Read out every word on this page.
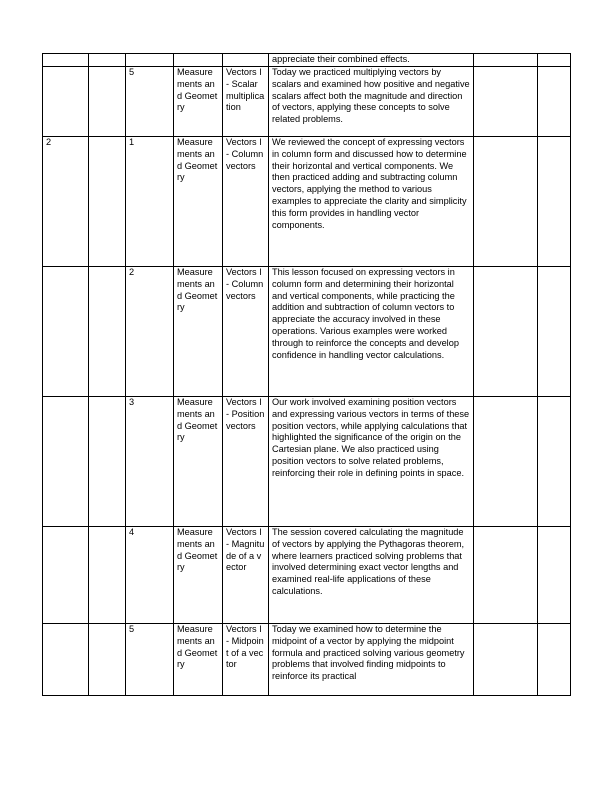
					appreciate their combined effects.		
		5	Measurements and Geometry	Vectors I - Scalar multiplication	Today we practiced multiplying vectors by scalars and examined how positive and negative scalars affect both the magnitude and direction of vectors, applying these concepts to solve related problems.		
2		1	Measurements and Geometry	Vectors I - Column vectors	We reviewed the concept of expressing vectors in column form and discussed how to determine their horizontal and vertical components. We then practiced adding and subtracting column vectors, applying the method to various examples to appreciate the clarity and simplicity this form provides in handling vector components.		
		2	Measurements and Geometry	Vectors I - Column vectors	This lesson focused on expressing vectors in column form and determining their horizontal and vertical components, while practicing the addition and subtraction of column vectors to appreciate the accuracy involved in these operations. Various examples were worked through to reinforce the concepts and develop confidence in handling vector calculations.		
		3	Measurements and Geometry	Vectors I - Position vectors	Our work involved examining position vectors and expressing various vectors in terms of these position vectors, while applying calculations that highlighted the significance of the origin on the Cartesian plane. We also practiced using position vectors to solve related problems, reinforcing their role in defining points in space.		
		4	Measurements and Geometry	Vectors I - Magnitude of a vector	The session covered calculating the magnitude of vectors by applying the Pythagoras theorem, where learners practiced solving problems that involved determining exact vector lengths and examined real-life applications of these calculations.		
		5	Measurements and Geometry	Vectors I - Midpoint of a vector	Today we examined how to determine the midpoint of a vector by applying the midpoint formula and practiced solving various geometry problems that involved finding midpoints to reinforce its practical		
